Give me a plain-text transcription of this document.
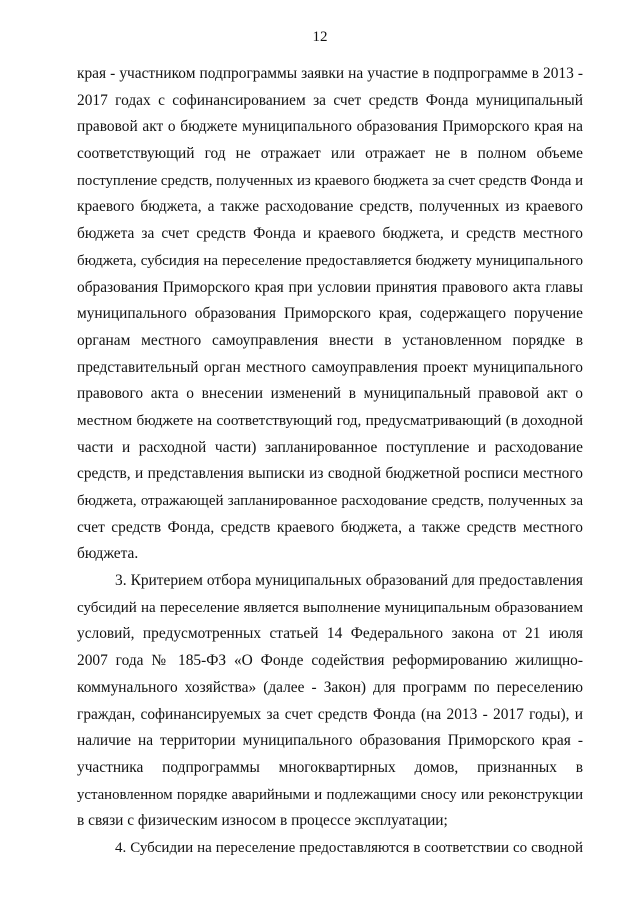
12
края - участником подпрограммы заявки на участие в подпрограмме в 2013 -
2017 годах с софинансированием за счет средств Фонда муниципальный
правовой акт о бюджете муниципального образования Приморского края на
соответствующий год не отражает или отражает не в полном объеме
поступление средств, полученных из краевого бюджета за счет средств Фонда и
краевого бюджета, а также расходование средств, полученных из краевого
бюджета за счет средств Фонда и краевого бюджета, и средств местного
бюджета, субсидия на переселение предоставляется бюджету муниципального
образования Приморского края при условии принятия правового акта главы
муниципального образования Приморского края, содержащего поручение
органам местного самоуправления внести в установленном порядке в
представительный орган местного самоуправления проект муниципального
правового акта о внесении изменений в муниципальный правовой акт о
местном бюджете на соответствующий год, предусматривающий (в доходной
части и расходной части) запланированное поступление и расходование
средств, и представления выписки из сводной бюджетной росписи местного
бюджета, отражающей запланированное расходование средств, полученных за
счет средств Фонда, средств краевого бюджета, а также средств местного
бюджета.
3. Критерием отбора муниципальных образований для предоставления
субсидий на переселение является выполнение муниципальным образованием
условий, предусмотренных статьей 14 Федерального закона от 21 июля
2007 года № 185-ФЗ «О Фонде содействия реформированию жилищно-
коммунального хозяйства» (далее - Закон) для программ по переселению
граждан, софинансируемых за счет средств Фонда (на 2013 - 2017 годы), и
наличие на территории муниципального образования Приморского края -
участника подпрограммы многоквартирных домов, признанных в
установленном порядке аварийными и подлежащими сносу или реконструкции
в связи с физическим износом в процессе эксплуатации;
4. Субсидии на переселение предоставляются в соответствии со сводной
